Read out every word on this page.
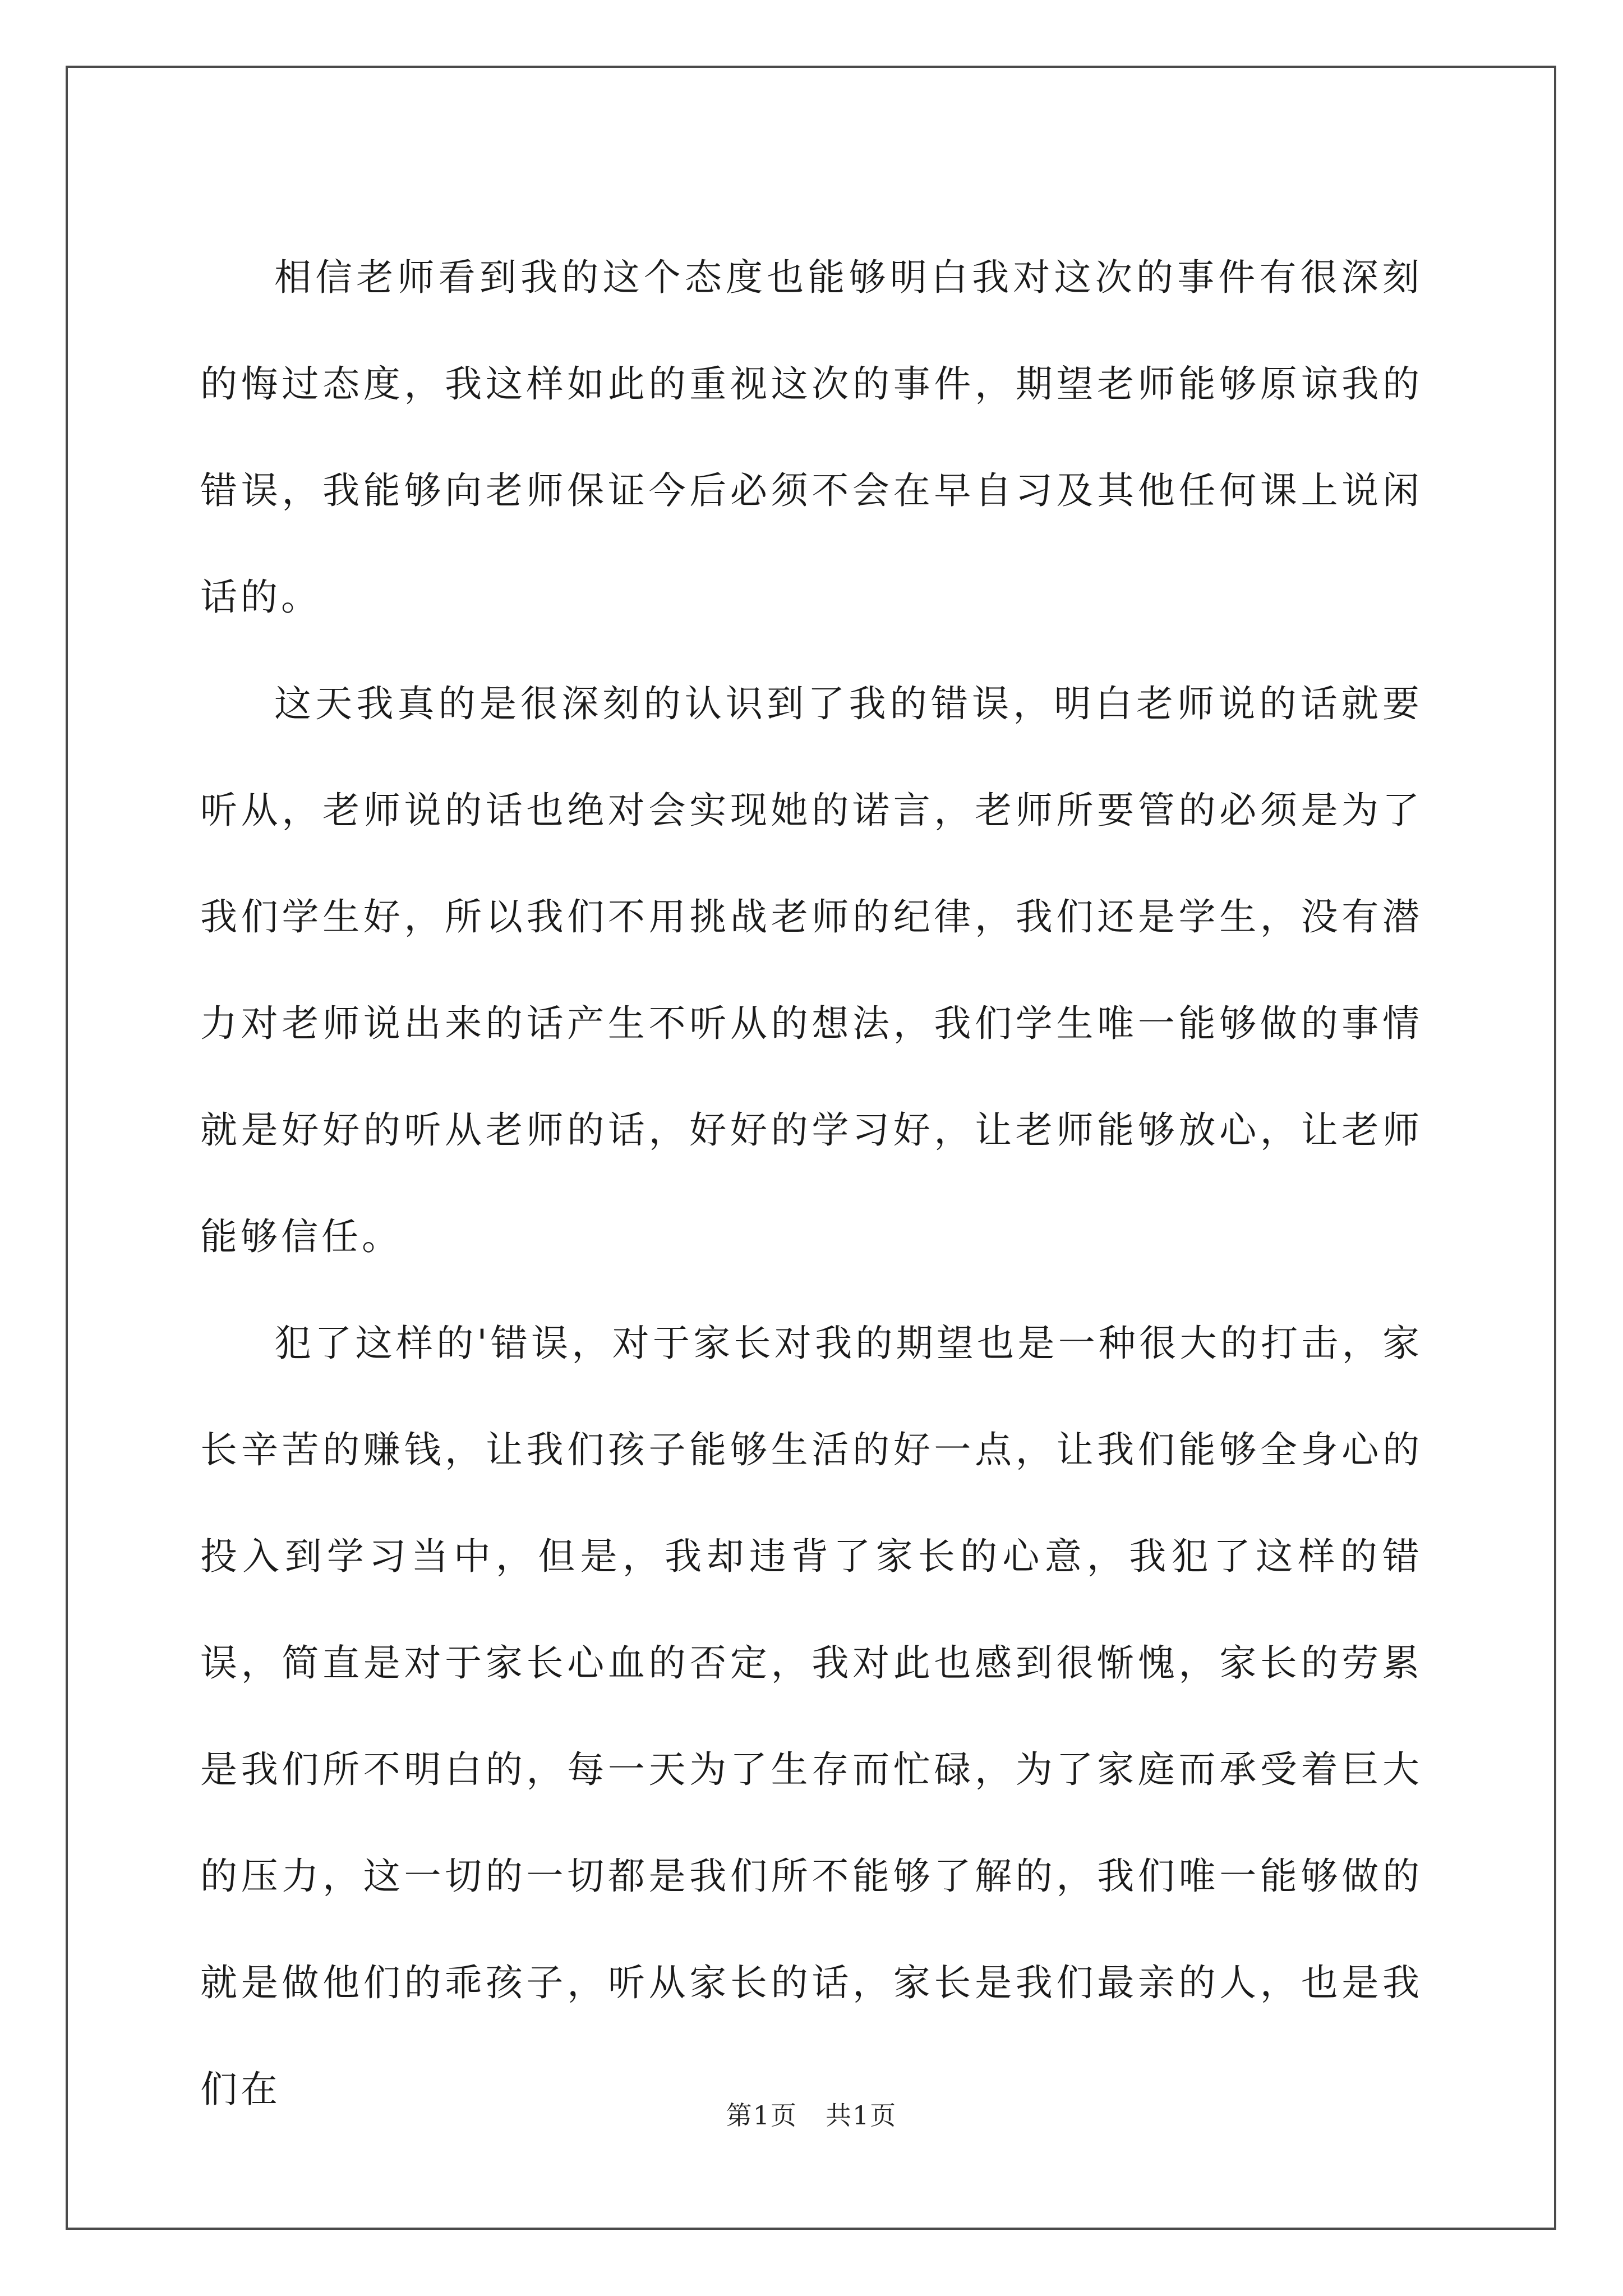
相信老师看到我的这个态度也能够明白我对这次的事件有很深刻的悔过态度，我这样如此的重视这次的事件，期望老师能够原谅我的错误，我能够向老师保证今后必须不会在早自习及其他任何课上说闲话的。

这天我真的是很深刻的认识到了我的错误，明白老师说的话就要听从，老师说的话也绝对会实现她的诺言，老师所要管的必须是为了我们学生好，所以我们不用挑战老师的纪律，我们还是学生，没有潜力对老师说出来的话产生不听从的想法，我们学生唯一能够做的事情就是好好的听从老师的话，好好的学习好，让老师能够放心，让老师能够信任。

犯了这样的'错误，对于家长对我的期望也是一种很大的打击，家长辛苦的赚钱，让我们孩子能够生活的好一点，让我们能够全身心的投入到学习当中，但是，我却违背了家长的心意，我犯了这样的错误，简直是对于家长心血的否定，我对此也感到很惭愧，家长的劳累是我们所不明白的，每一天为了生存而忙碌，为了家庭而承受着巨大的压力，这一切的一切都是我们所不能够了解的，我们唯一能够做的就是做他们的乖孩子，听从家长的话，家长是我们最亲的人，也是我们在

第1页 共1页
